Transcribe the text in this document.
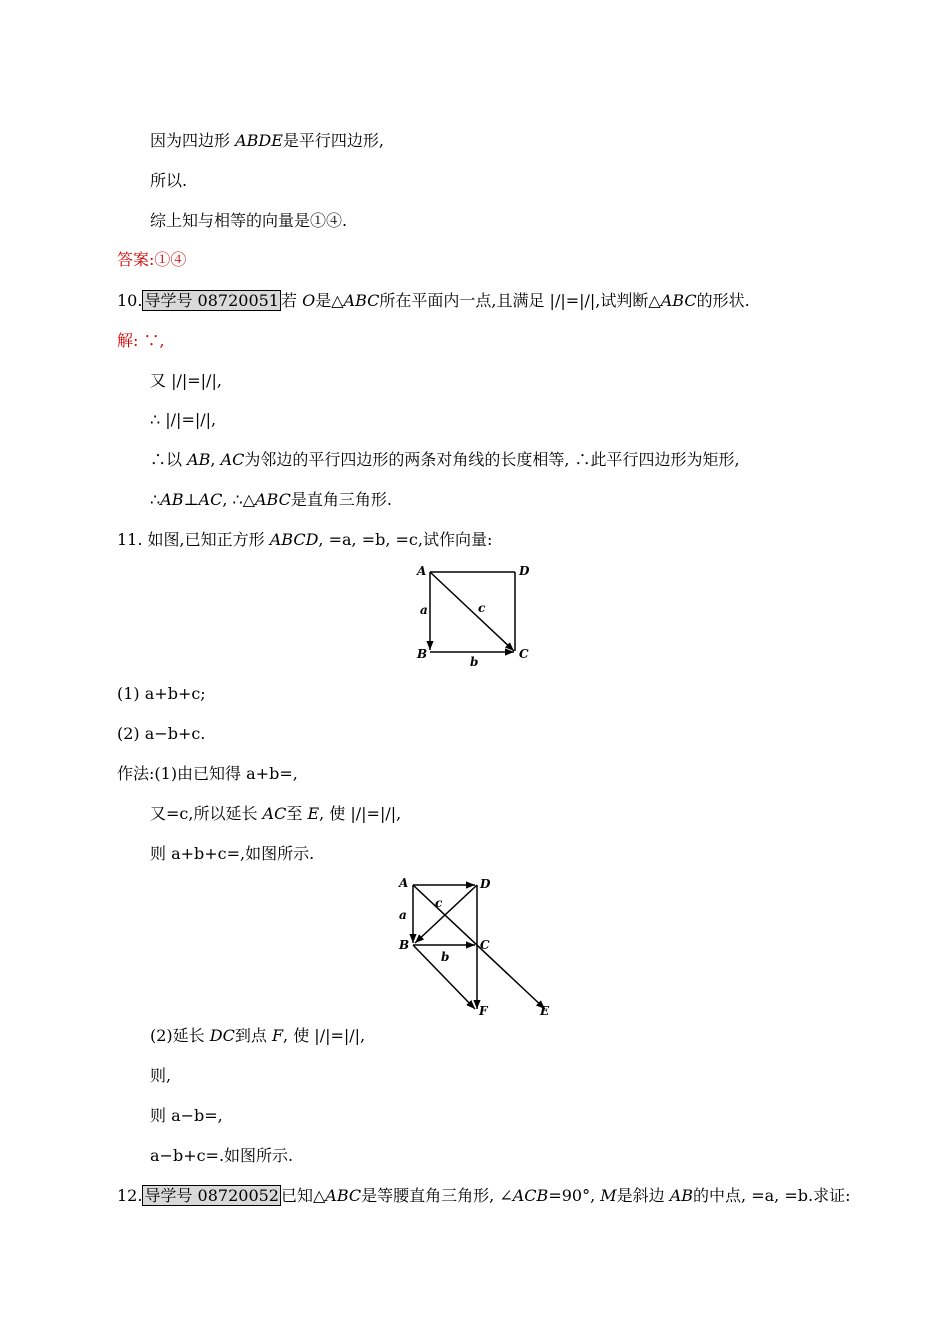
因为四边形 ABDE是平行四边形,
所以.
综上知与相等的向量是①④.
答案:①④
10. 导学号 08720051 若 O是△ABC所在平面内一点,且满足 |/|=|/|,试判断△ABC的形状.
解: ∵,
又 |/|=|/|,
∴ |/|=|/|,
∴以 AB, AC为邻边的平行四边形的两条对角线的长度相等, ∴此平行四边形为矩形,
∴AB⊥AC, ∴△ABC是直角三角形.
11. 如图,已知正方形 ABCD, =a, =b, =c,试作向量:
A	D
B	C
a
b
c
(1) a+b+c;
(2) a−b+c.
作法:(1)由已知得 a+b=,
又=c,所以延长 AC至 E, 使 |/|=|/|,
则 a+b+c=,如图所示.
A	D
B	C
a
b
c
E
F
(2)延长 DC到点 F, 使 |/|=|/|,
则,
则 a−b=,
a−b+c=.如图所示.
12. 导学号 08720052 已知△ABC是等腰直角三角形, ∠ACB=90°, M是斜边 AB的中点, =a, =b.求证:
